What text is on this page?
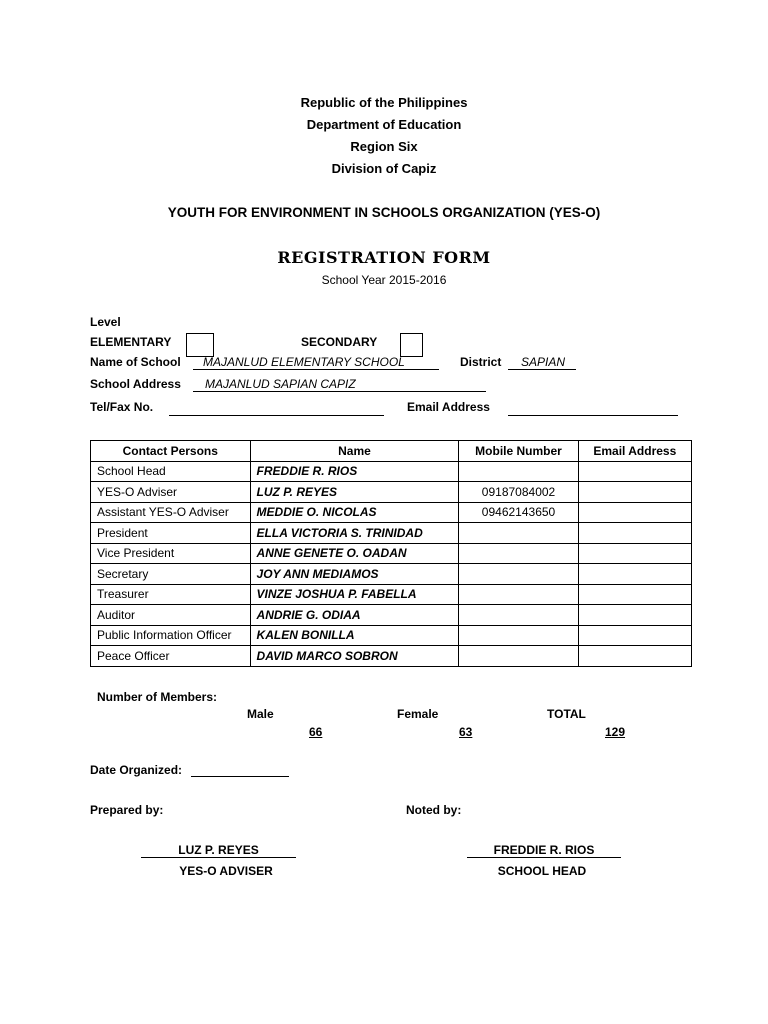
Republic of the Philippines
Department of Education
Region Six
Division of Capiz
YOUTH FOR ENVIRONMENT IN SCHOOLS ORGANIZATION (YES-O)
REGISTRATION FORM
School Year 2015-2016
Level
ELEMENTARY	SECONDARY
Name of School MAJANLUD ELEMENTARY SCHOOL	District SAPIAN
School Address MAJANLUD SAPIAN CAPIZ
Tel/Fax No.	Email Address
Contact Persons	Name	Mobile Number	Email Address
School Head	FREDDIE R. RIOS		
YES-O Adviser	LUZ P. REYES	09187084002	
Assistant YES-O Adviser	MEDDIE O. NICOLAS	09462143650	
President	ELLA VICTORIA S. TRINIDAD		
Vice President	ANNE GENETE O. OADAN		
Secretary	JOY ANN MEDIAMOS		
Treasurer	VINZE JOSHUA P. FABELLA		
Auditor	ANDRIE G. ODIAA		
Public Information Officer	KALEN BONILLA		
Peace Officer	DAVID MARCO SOBRON		
Number of Members:
Male	Female	TOTAL
66	63	129
Date Organized:
Prepared by:	Noted by:
LUZ P. REYES
YES-O ADVISER
FREDDIE R. RIOS
SCHOOL HEAD
